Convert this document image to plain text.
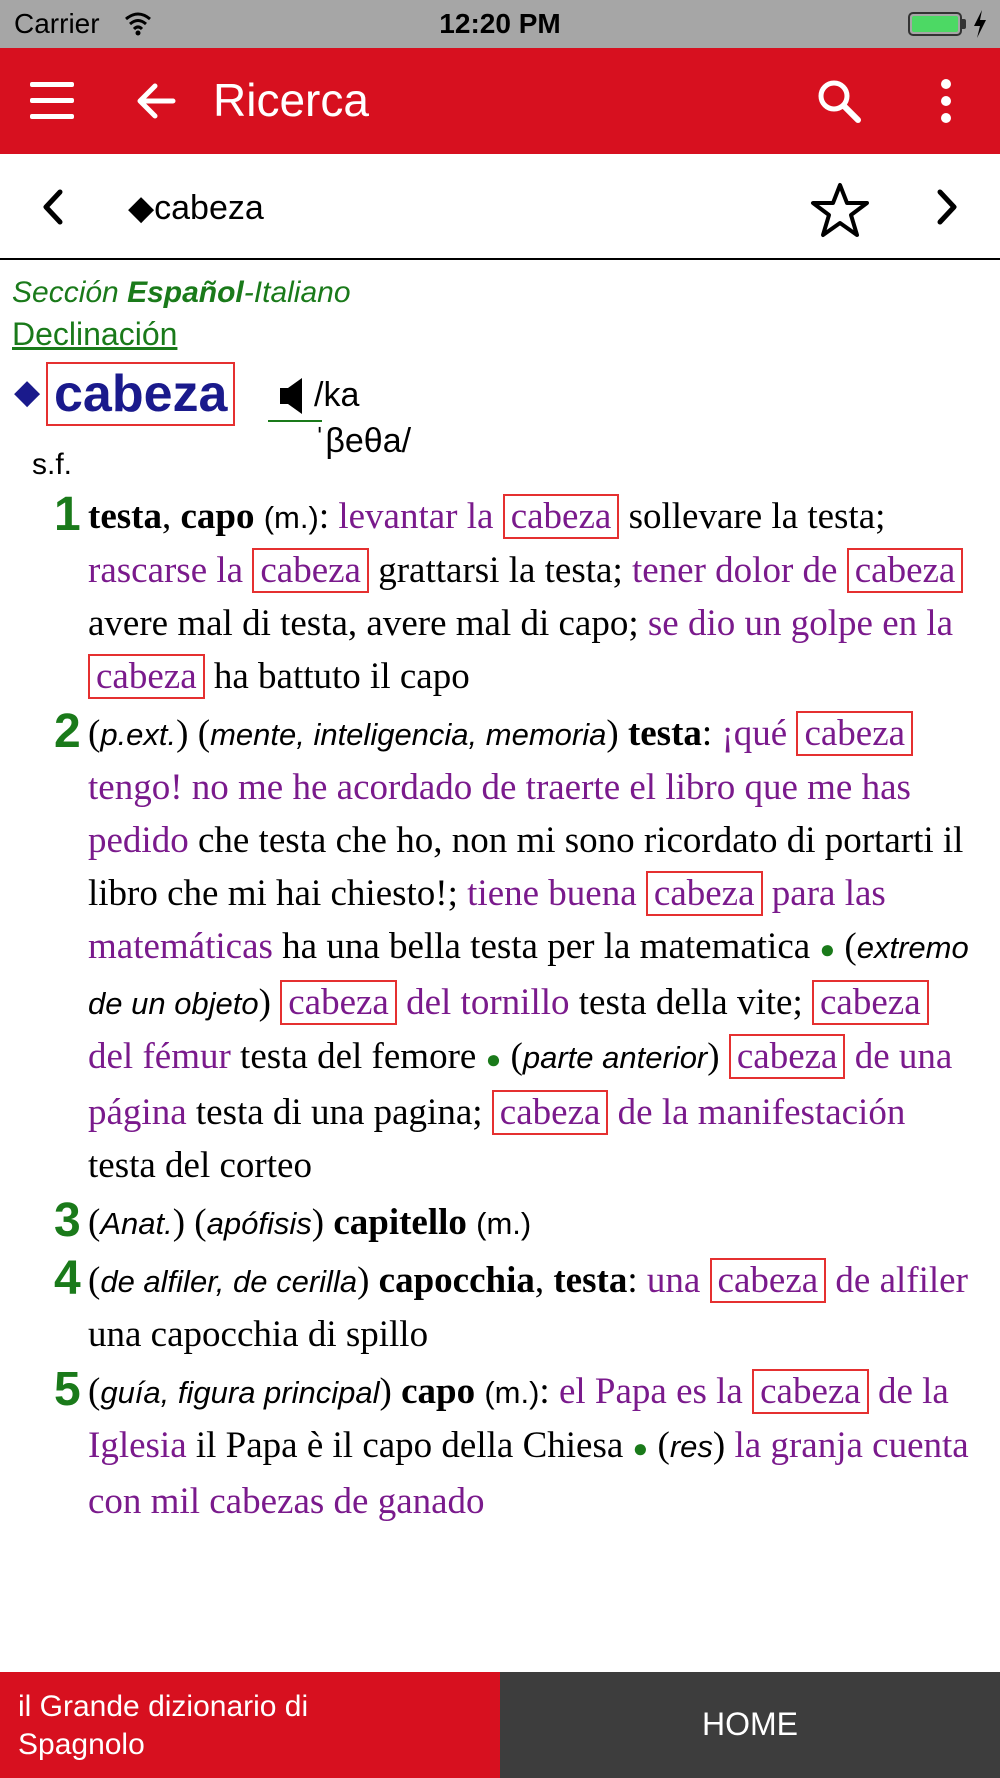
Carrier	12:20 PM
Ricerca
◆cabeza
Sección Español-Italiano
Declinación
◆ cabeza	/kaˈβeθa/
s.f.
1 testa, capo (m.): levantar la cabeza sollevare la testa; rascarse la cabeza grattarsi la testa; tener dolor de cabeza avere mal di testa, avere mal di capo; se dio un golpe en la cabeza ha battuto il capo
2 (p.ext.) (mente, inteligencia, memoria) testa: ¡qué cabeza tengo! no me he acordado de traerte el libro que me has pedido che testa che ho, non mi sono ricordato di portarti il libro che mi hai chiesto!; tiene buena cabeza para las matemáticas ha una bella testa per la matematica ● (extremo de un objeto) cabeza del tornillo testa della vite; cabeza del fémur testa del femore ● (parte anterior) cabeza de una página testa di una pagina; cabeza de la manifestación testa del corteo
3 (Anat.) (apófisis) capitello (m.)
4 (de alfiler, de cerilla) capocchia, testa: una cabeza de alfiler una capocchia di spillo
5 (guía, figura principal) capo (m.): el Papa es la cabeza de la Iglesia il Papa è il capo della Chiesa ● (res) la granja cuenta con mil cabezas de ganado
il Grande dizionario di
Spagnolo
HOME
